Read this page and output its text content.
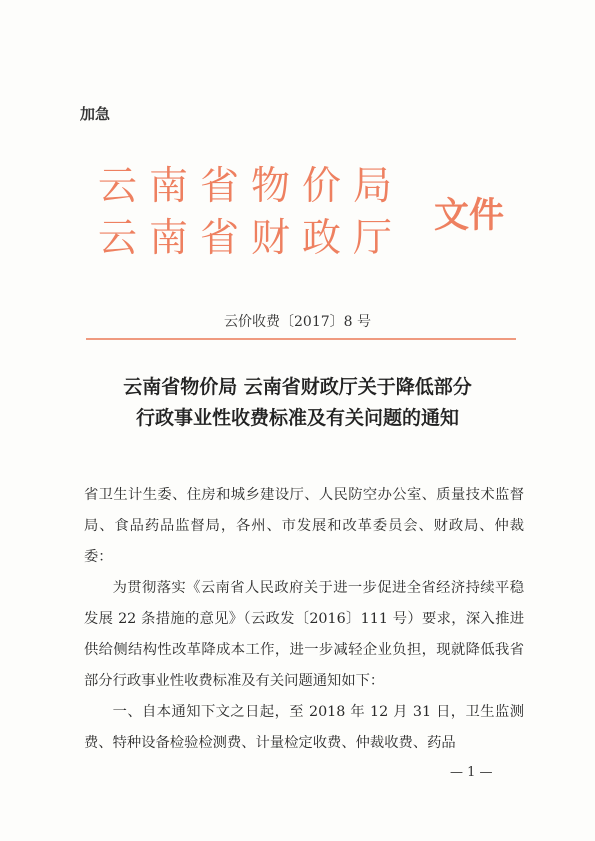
加急
云南省物价局
云南省财政厅 文件
云价收费〔2017〕8 号
云南省物价局 云南省财政厅关于降低部分
行政事业性收费标准及有关问题的通知

省卫生计生委、住房和城乡建设厅、人民防空办公室、质量技术监督局、食品药品监督局，各州、市发展和改革委员会、财政局、仲裁委：

为贯彻落实《云南省人民政府关于进一步促进全省经济持续平稳发展 22 条措施的意见》（云政发〔2016〕111 号）要求，深入推进供给侧结构性改革降成本工作，进一步减轻企业负担，现就降低我省部分行政事业性收费标准及有关问题通知如下：

一、自本通知下文之日起，至 2018 年 12 月 31 日，卫生监测费、特种设备检验检测费、计量检定收费、仲裁收费、药品

— 1 —
